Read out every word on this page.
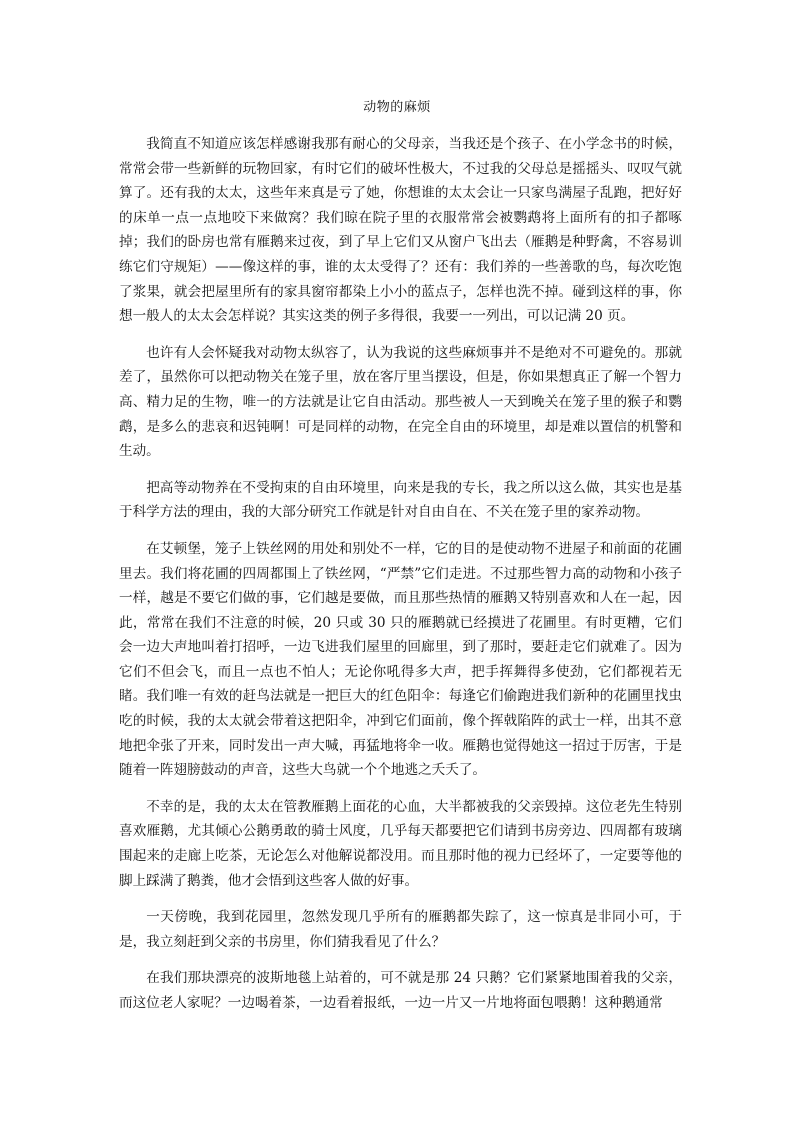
动物的麻烦

我简直不知道应该怎样感谢我那有耐心的父母亲，当我还是个孩子、在小学念书的时候，常常会带一些新鲜的玩物回家，有时它们的破坏性极大，不过我的父母总是摇摇头、叹叹气就算了。还有我的太太，这些年来真是亏了她，你想谁的太太会让一只家鸟满屋子乱跑，把好好的床单一点一点地咬下来做窝？我们晾在院子里的衣服常常会被鹦鹉将上面所有的扣子都啄掉；我们的卧房也常有雁鹅来过夜，到了早上它们又从窗户飞出去（雁鹅是种野禽，不容易训练它们守规矩）——像这样的事，谁的太太受得了？还有：我们养的一些善歌的鸟，每次吃饱了浆果，就会把屋里所有的家具窗帘都染上小小的蓝点子，怎样也洗不掉。碰到这样的事，你想一般人的太太会怎样说？其实这类的例子多得很，我要一一列出，可以记满 20 页。

也许有人会怀疑我对动物太纵容了，认为我说的这些麻烦事并不是绝对不可避免的。那就差了，虽然你可以把动物关在笼子里，放在客厅里当摆设，但是，你如果想真正了解一个智力高、精力足的生物，唯一的方法就是让它自由活动。那些被人一天到晚关在笼子里的猴子和鹦鹉，是多么的悲哀和迟钝啊！可是同样的动物，在完全自由的环境里，却是难以置信的机警和生动。

把高等动物养在不受拘束的自由环境里，向来是我的专长，我之所以这么做，其实也是基于科学方法的理由，我的大部分研究工作就是针对自由自在、不关在笼子里的家养动物。

在艾顿堡，笼子上铁丝网的用处和别处不一样，它的目的是使动物不进屋子和前面的花圃里去。我们将花圃的四周都围上了铁丝网，“严禁”它们走进。不过那些智力高的动物和小孩子一样，越是不要它们做的事，它们越是要做，而且那些热情的雁鹅又特别喜欢和人在一起，因此，常常在我们不注意的时候，20 只或 30 只的雁鹅就已经摸进了花圃里。有时更糟，它们会一边大声地叫着打招呼，一边飞进我们屋里的回廊里，到了那时，要赶走它们就难了。因为它们不但会飞，而且一点也不怕人；无论你吼得多大声，把手挥舞得多使劲，它们都视若无睹。我们唯一有效的赶鸟法就是一把巨大的红色阳伞：每逢它们偷跑进我们新种的花圃里找虫吃的时候，我的太太就会带着这把阳伞，冲到它们面前，像个挥戟陷阵的武士一样，出其不意地把伞张了开来，同时发出一声大喊，再猛地将伞一收。雁鹅也觉得她这一招过于厉害，于是随着一阵翅膀鼓动的声音，这些大鸟就一个个地逃之夭夭了。

不幸的是，我的太太在管教雁鹅上面花的心血，大半都被我的父亲毁掉。这位老先生特别喜欢雁鹅，尤其倾心公鹅勇敢的骑士风度，几乎每天都要把它们请到书房旁边、四周都有玻璃围起来的走廊上吃茶，无论怎么对他解说都没用。而且那时他的视力已经坏了，一定要等他的脚上踩满了鹅粪，他才会悟到这些客人做的好事。

一天傍晚，我到花园里，忽然发现几乎所有的雁鹅都失踪了，这一惊真是非同小可，于是，我立刻赶到父亲的书房里，你们猜我看见了什么？

在我们那块漂亮的波斯地毯上站着的，可不就是那 24 只鹅？它们紧紧地围着我的父亲，而这位老人家呢？一边喝着茶，一边看着报纸，一边一片又一片地将面包喂鹅！这种鹅通常
